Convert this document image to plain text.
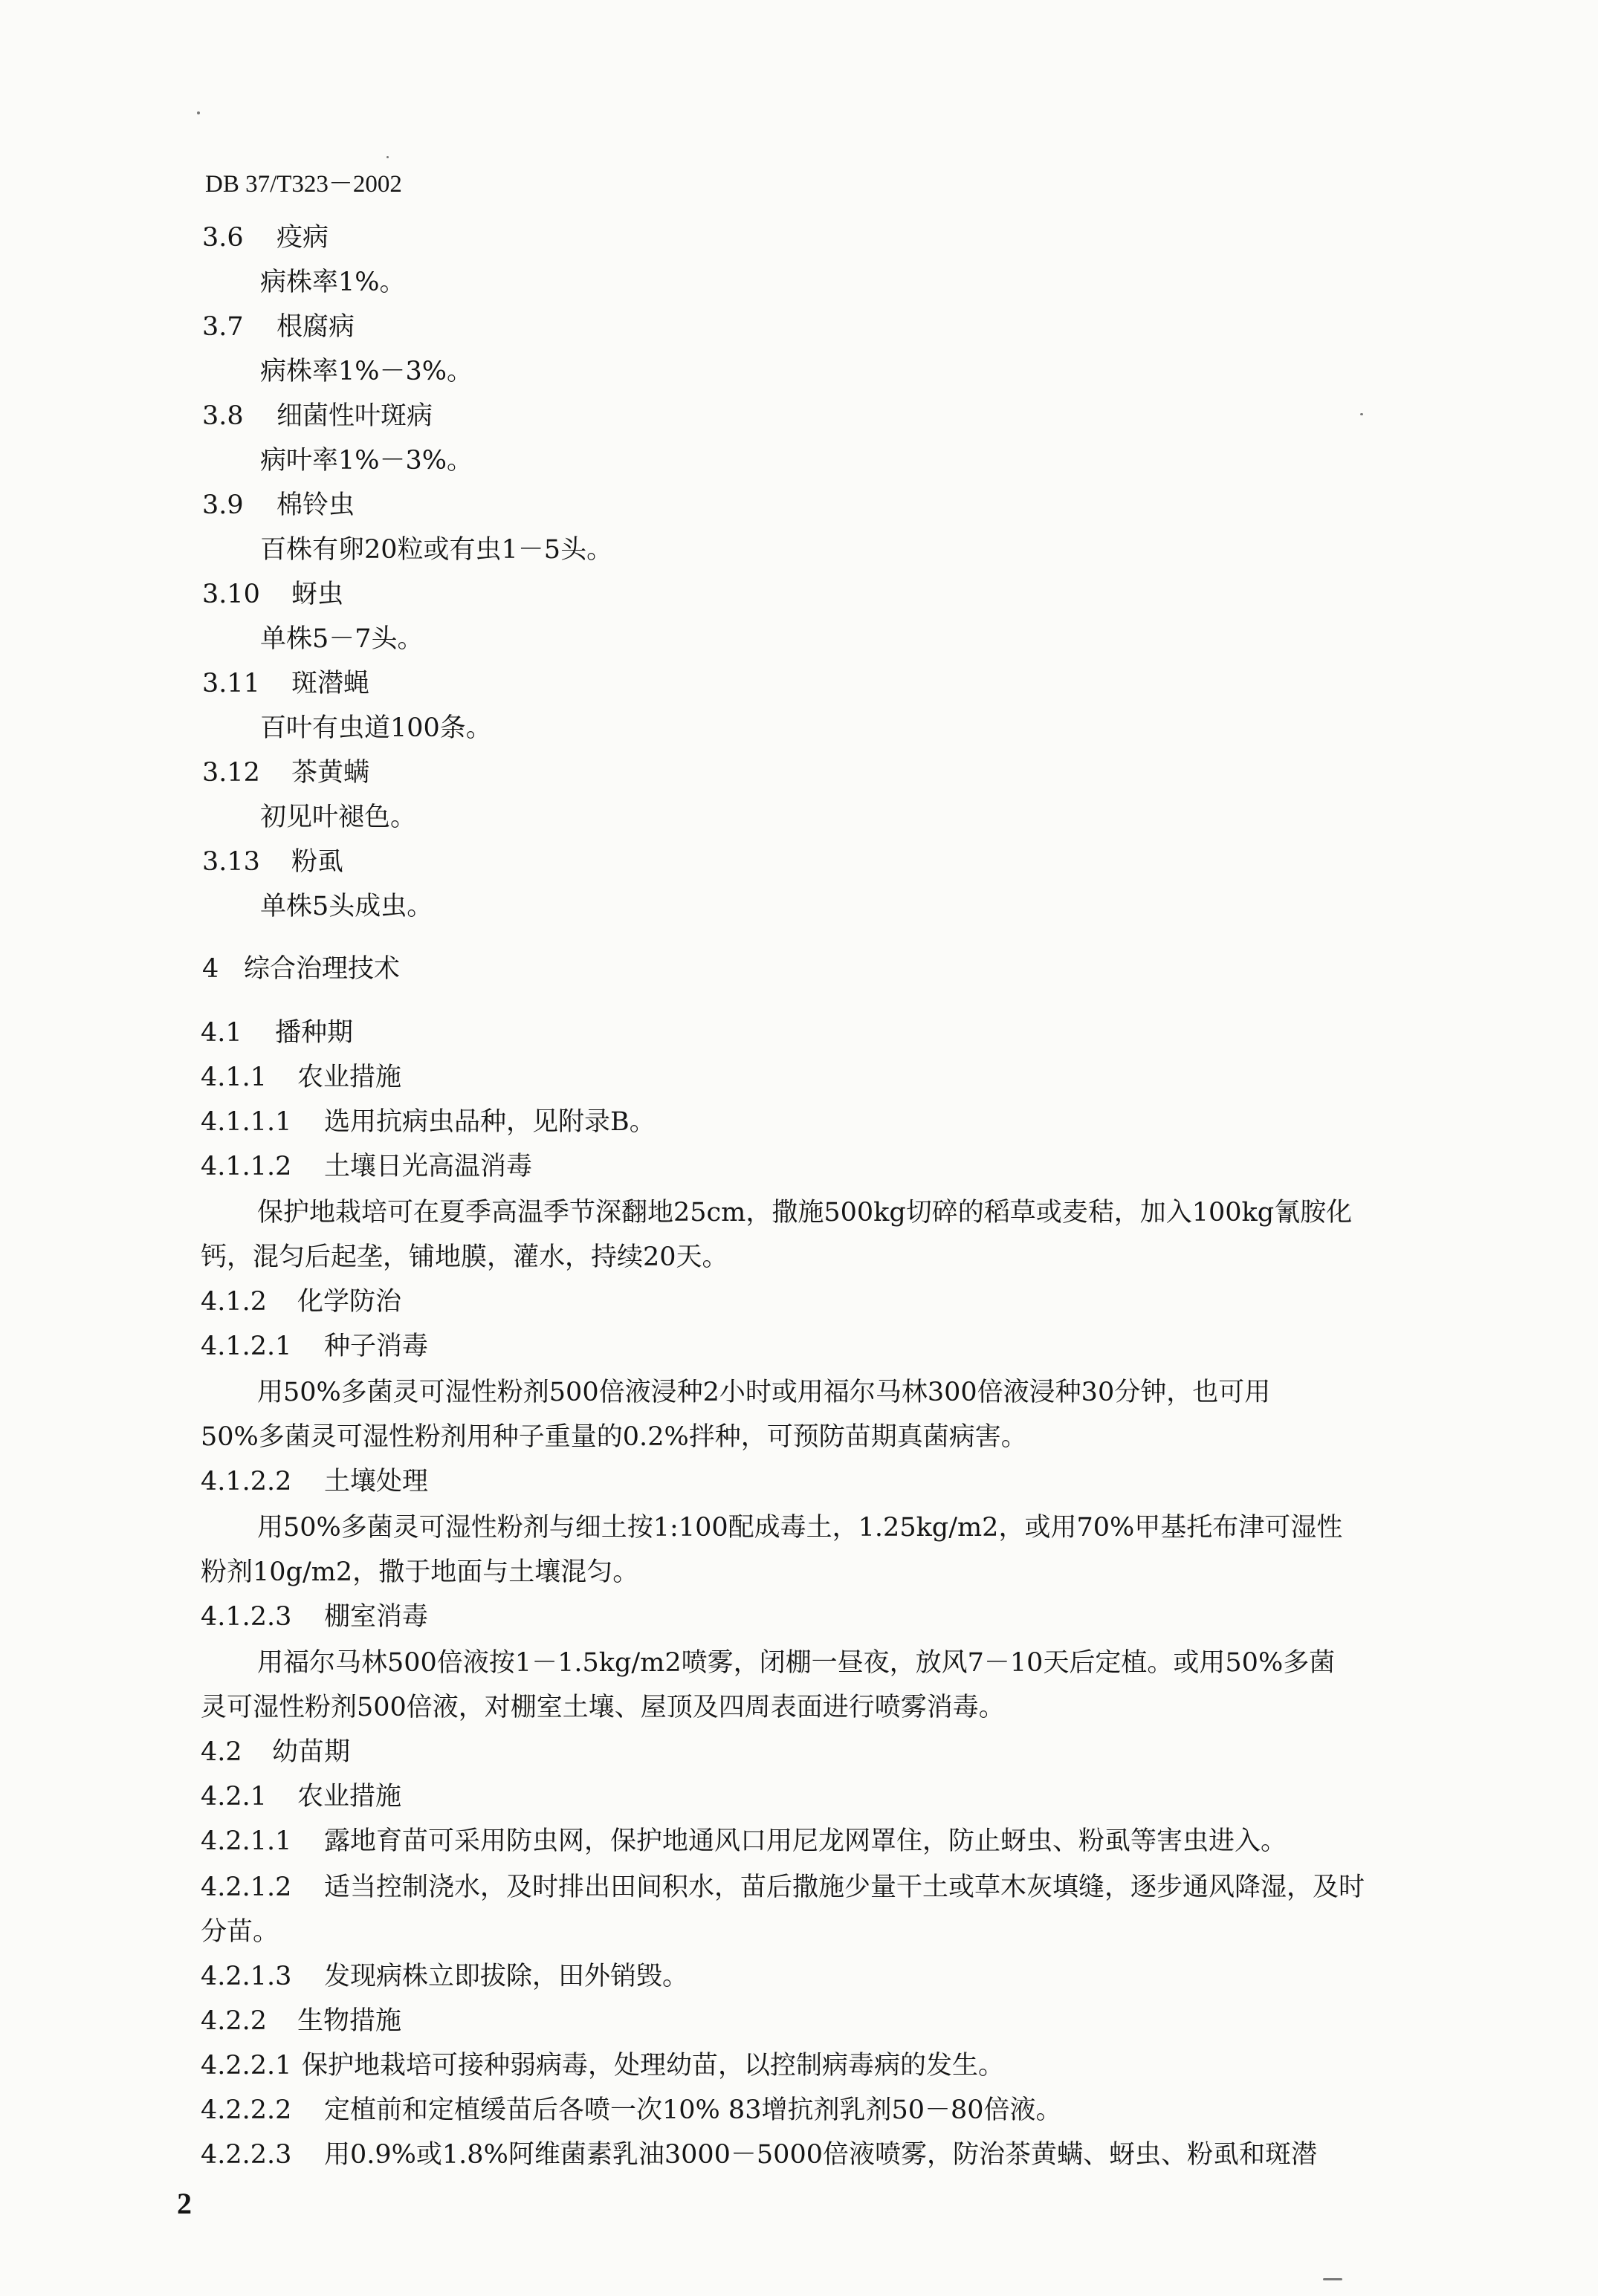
DB 37/T323－2002
3.6 疫病
病株率1%。
3.7 根腐病
病株率1%－3%。
3.8 细菌性叶斑病
病叶率1%－3%。
3.9 棉铃虫
百株有卵20粒或有虫1－5头。
3.10 蚜虫
单株5－7头。
3.11 斑潜蝇
百叶有虫道100条。
3.12 茶黄螨
初见叶褪色。
3.13 粉虱
单株5头成虫。
4 综合治理技术
4.1 播种期
4.1.1 农业措施
4.1.1.1 选用抗病虫品种，见附录B。
4.1.1.2 土壤日光高温消毒
保护地栽培可在夏季高温季节深翻地25cm，撒施500kg切碎的稻草或麦秸，加入100kg氰胺化
钙，混匀后起垄，铺地膜，灌水，持续20天。
4.1.2 化学防治
4.1.2.1 种子消毒
用50%多菌灵可湿性粉剂500倍液浸种2小时或用福尔马林300倍液浸种30分钟，也可用
50%多菌灵可湿性粉剂用种子重量的0.2%拌种，可预防苗期真菌病害。
4.1.2.2 土壤处理
用50%多菌灵可湿性粉剂与细土按1:100配成毒土，1.25kg/m2，或用70%甲基托布津可湿性
粉剂10g/m2，撒于地面与土壤混匀。
4.1.2.3 棚室消毒
用福尔马林500倍液按1－1.5kg/m2喷雾，闭棚一昼夜，放风7－10天后定植。或用50%多菌
灵可湿性粉剂500倍液，对棚室土壤、屋顶及四周表面进行喷雾消毒。
4.2 幼苗期
4.2.1 农业措施
4.2.1.1 露地育苗可采用防虫网，保护地通风口用尼龙网罩住，防止蚜虫、粉虱等害虫进入。
4.2.1.2 适当控制浇水，及时排出田间积水，苗后撒施少量干土或草木灰填缝，逐步通风降湿，及时
分苗。
4.2.1.3 发现病株立即拔除，田外销毁。
4.2.2 生物措施
4.2.2.1 保护地栽培可接种弱病毒，处理幼苗，以控制病毒病的发生。
4.2.2.2 定植前和定植缓苗后各喷一次10% 83增抗剂乳剂50－80倍液。
4.2.2.3 用0.9%或1.8%阿维菌素乳油3000－5000倍液喷雾，防治茶黄螨、蚜虫、粉虱和斑潜
2
